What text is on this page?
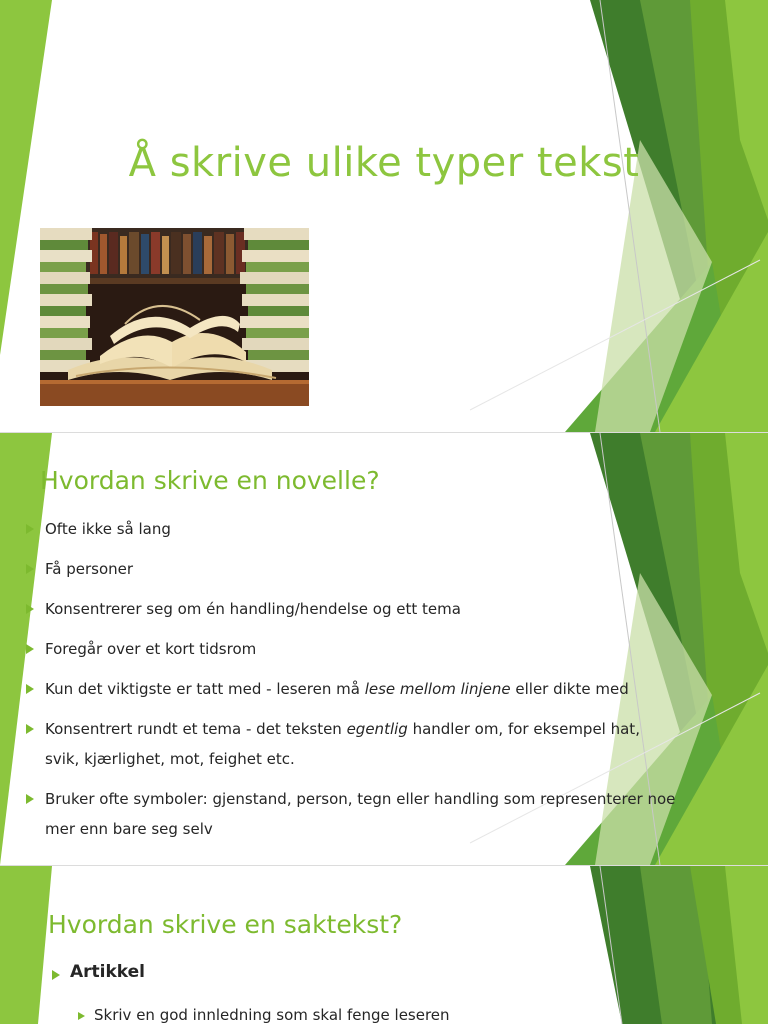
Å skrive ulike typer tekst
Hvordan skrive en novelle?
Ofte ikke så lang
Få personer
Konsentrerer seg om én handling/hendelse og ett tema
Foregår over et kort tidsrom
Kun det viktigste er tatt med - leseren må lese mellom linjene eller dikte med
Konsentrert rundt et tema - det teksten egentlig handler om, for eksempel hat, svik, kjærlighet, mot, feighet etc.
Bruker ofte symboler: gjenstand, person, tegn eller handling som representerer noe mer enn bare seg selv
Hvordan skrive en saktekst?

Artikkel

Skriv en god innledning som skal fenge leseren
